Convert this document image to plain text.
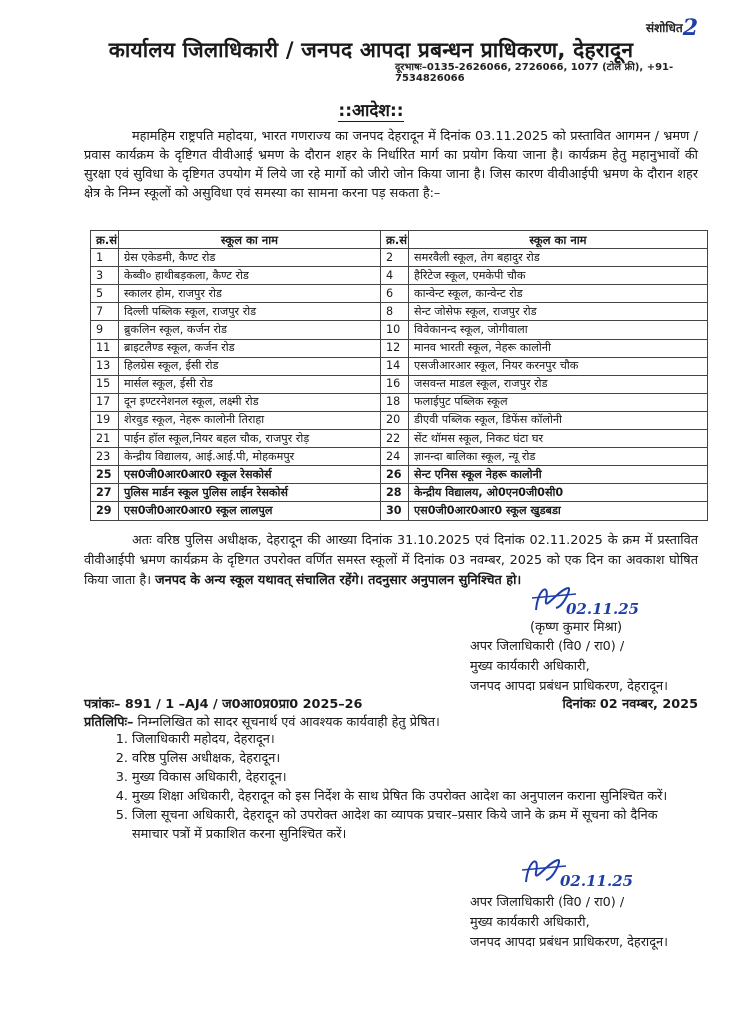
संशोधित2
कार्यालय जिलाधिकारी / जनपद आपदा प्रबन्धन प्राधिकरण, देहरादून
दूरभाषः–0135-2626066, 2726066, 1077 (टोल फ्री), +91-7534826066
::आदेश::
महामहिम राष्ट्रपति महोदया, भारत गणराज्य का जनपद देहरादून में दिनांक 03.11.2025 को प्रस्तावित आगमन / भ्रमण / प्रवास कार्यक्रम के दृष्टिगत वीवीआई भ्रमण के दौरान शहर के निर्धारित मार्ग का प्रयोग किया जाना है। कार्यक्रम हेतु महानुभावों की सुरक्षा एवं सुविधा के दृष्टिगत उपयोग में लिये जा रहे मार्गो को जीरो जोन किया जाना है। जिस कारण वीवीआईपी भ्रमण के दौरान शहर क्षेत्र के निम्न स्कूलों को असुविधा एवं समस्या का सामना करना पड़ सकता है:–
क्र.सं	स्कूल का नाम	क्र.सं	स्कूल का नाम
1	ग्रेस एकेडमी, कैण्ट रोड	2	समरवैली स्कूल, तेग बहादुर रोड
3	केब्वी० हाथीबड़कला, कैण्ट रोड	4	हैरिटेज स्कूल, एमकेपी चौक
5	स्कालर होम, राजपुर रोड	6	कान्वेन्ट स्कूल, कान्वेन्ट रोड
7	दिल्ली पब्लिक स्कूल, राजपुर रोड	8	सेन्ट जोसेफ स्कूल, राजपुर रोड
9	ब्रुकलिन स्कूल, कर्जन रोड	10	विवेकानन्द स्कूल, जोगीवाला
11	ब्राइटलैण्ड स्कूल, कर्जन रोड	12	मानव भारती स्कूल, नेहरू कालोनी
13	हिलग्रेस स्कूल, ईसी रोड	14	एसजीआरआर स्कूल, नियर करनपुर चौक
15	मार्सल स्कूल, ईसी रोड	16	जसवन्त माडल स्कूल, राजपुर रोड
17	दून इण्टरनेशनल स्कूल, लक्ष्मी रोड	18	फलाईपुट पब्लिक स्कूल
19	शेरवुड स्कूल, नेहरू कालोनी तिराहा	20	डीएवी पब्लिक स्कूल, डिफेंस कॉलोनी
21	पाईन हॉल स्कूल,नियर बहल चौक, राजपुर रोड़	22	सेंट थॉमस स्कूल, निकट घंटा घर
23	केन्द्रीय विद्यालय, आई.आई.पी, मोहकमपुर	24	ज्ञानन्दा बालिका स्कूल, न्यू रोड
25	एस0जी0आर0आर0 स्कूल रेसकोर्स	26	सेन्ट एनिस स्कूल नेहरू कालोनी
27	पुलिस मार्डन स्कूल पुलिस लाईन रेसकोर्स	28	केन्द्रीय विद्यालय, ओ0एन0जी0सी0
29	एस0जी0आर0आर0 स्कूल लालपुल	30	एस0जी0आर0आर0 स्कूल खुडबडा
अतः वरिष्ठ पुलिस अधीक्षक, देहरादून की आख्या दिनांक 31.10.2025 एवं दिनांक 02.11.2025 के क्रम में प्रस्तावित वीवीआईपी भ्रमण कार्यक्रम के दृष्टिगत उपरोक्त वर्णित समस्त स्कूलों में दिनांक 03 नवम्बर, 2025 को एक दिन का अवकाश घोषित किया जाता है। जनपद के अन्य स्कूल यथावत् संचालित रहेंगे। तदनुसार अनुपालन सुनिश्चित हो।
02.11.25
(कृष्ण कुमार मिश्रा)
अपर जिलाधिकारी (वि0 / रा0) /
मुख्य कार्यकारी अधिकारी,
जनपद आपदा प्रबंधन प्राधिकरण, देहरादून।
पत्रांकः– 891 / 1 –AJ4 / ज0आ0प्र0प्रा0 2025–26	दिनांकः 02 नवम्बर, 2025
प्रतिलिपिः– निम्नलिखित को सादर सूचनार्थ एवं आवश्यक कार्यवाही हेतु प्रेषित।
1. जिलाधिकारी महोदय, देहरादून।
2. वरिष्ठ पुलिस अधीक्षक, देहरादून।
3. मुख्य विकास अधिकारी, देहरादून।
4. मुख्य शिक्षा अधिकारी, देहरादून को इस निर्देश के साथ प्रेषित कि उपरोक्त आदेश का अनुपालन कराना सुनिश्चित करें।
5. जिला सूचना अधिकारी, देहरादून को उपरोक्त आदेश का व्यापक प्रचार–प्रसार किये जाने के क्रम में सूचना को दैनिक समाचार पत्रों में प्रकाशित करना सुनिश्चित करें।
02.11.25
अपर जिलाधिकारी (वि0 / रा0) /
मुख्य कार्यकारी अधिकारी,
जनपद आपदा प्रबंधन प्राधिकरण, देहरादून।
